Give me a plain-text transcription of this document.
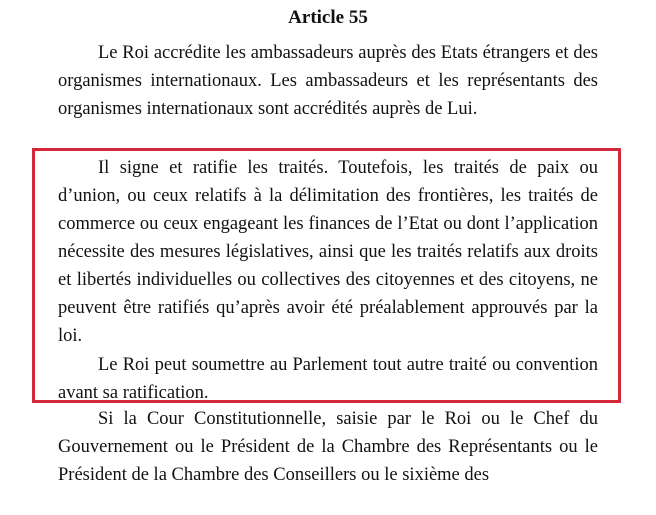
Article 55

Le Roi accrédite les ambassadeurs auprès des Etats étrangers et des organismes internationaux. Les ambassadeurs et les représentants des organismes internationaux sont accrédités auprès de Lui.

Il signe et ratifie les traités. Toutefois, les traités de paix ou d’union, ou ceux relatifs à la délimitation des frontières, les traités de commerce ou ceux engageant les finances de l’Etat ou dont l’application nécessite des mesures législatives, ainsi que les traités relatifs aux droits et libertés individuelles ou collectives des citoyennes et des citoyens, ne peuvent être ratifiés qu’après avoir été préalablement approuvés par la loi.

Le Roi peut soumettre au Parlement tout autre traité ou convention avant sa ratification.

Si la Cour Constitutionnelle, saisie par le Roi ou le Chef du Gouvernement ou le Président de la Chambre des Représentants ou le Président de la Chambre des Conseillers ou le sixième des
